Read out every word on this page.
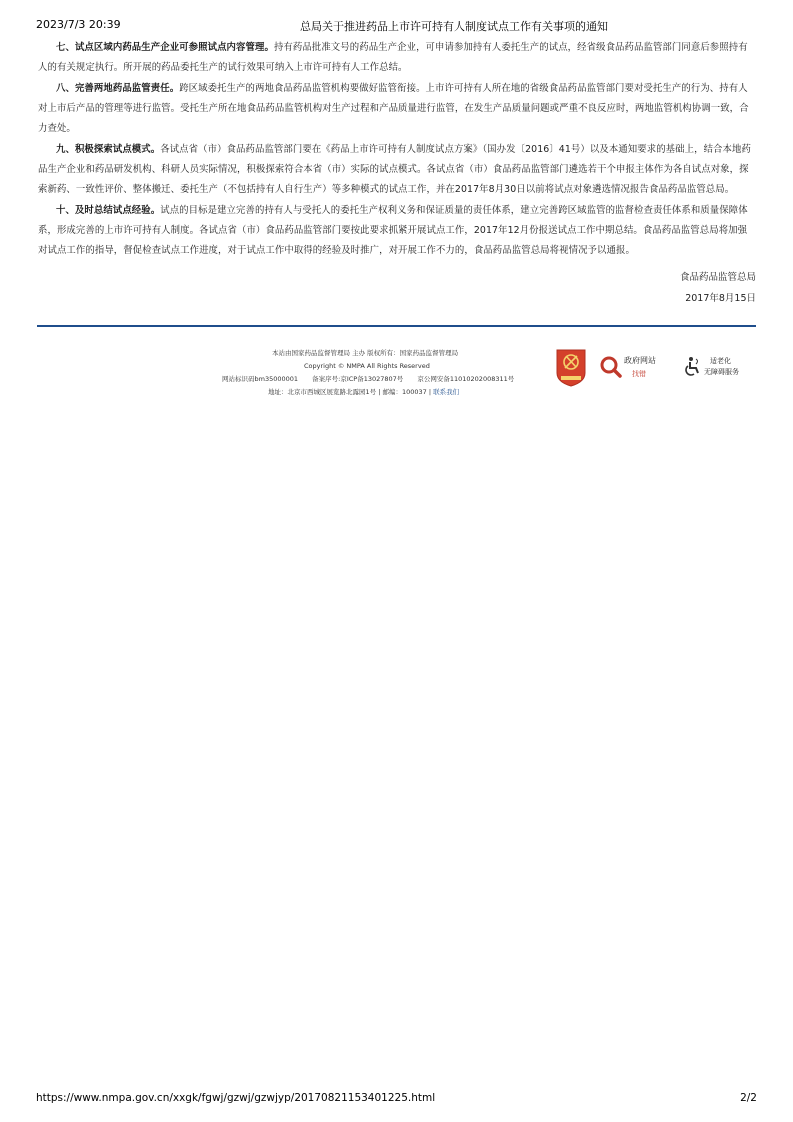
2023/7/3 20:39	总局关于推进药品上市许可持有人制度试点工作有关事项的通知

七、试点区域内药品生产企业可参照试点内容管理。持有药品批准文号的药品生产企业，可申请参加持有人委托生产的试点，经省级食品药品监管部门同意后参照持有人的有关规定执行。所开展的药品委托生产的试行效果可纳入上市许可持有人工作总结。

八、完善两地药品监管责任。跨区域委托生产的两地食品药品监管机构要做好监管衔接。上市许可持有人所在地的省级食品药品监管部门要对受托生产的行为、持有人对上市后产品的管理等进行监管。受托生产所在地食品药品监管机构对生产过程和产品质量进行监管，在发生产品质量问题或严重不良反应时，两地监管机构协调一致，合力查处。

九、积极探索试点模式。各试点省（市）食品药品监管部门要在《药品上市许可持有人制度试点方案》（国办发〔2016〕41号）以及本通知要求的基础上，结合本地药品生产企业和药品研发机构、科研人员实际情况，积极探索符合本省（市）实际的试点模式。各试点省（市）食品药品监管部门遴选若干个申报主体作为各自试点对象，探索新药、一致性评价、整体搬迁、委托生产（不包括持有人自行生产）等多种模式的试点工作，并在2017年8月30日以前将试点对象遴选情况报告食品药品监管总局。

十、及时总结试点经验。试点的目标是建立完善的持有人与受托人的委托生产权利义务和保证质量的责任体系，建立完善跨区域监管的监督检查责任体系和质量保障体系，形成完善的上市许可持有人制度。各试点省（市）食品药品监管部门要按此要求抓紧开展试点工作，2017年12月份报送试点工作中期总结。食品药品监管总局将加强对试点工作的指导，督促检查试点工作进度，对于试点工作中取得的经验及时推广，对开展工作不力的，食品药品监管总局将视情况予以通报。

食品药品监管总局
2017年8月15日
本站由国家药品监督管理局 主办 版权所有：国家药品监督管理局
Copyright © NMPA All Rights Reserved
网站标识码bm35000001 备案序号:京ICP备13027807号 京公网安备11010202008311号
地址：北京市西城区展览路北露园1号 | 邮编：100037 | 联系我们
政府网站
找错
适老化
无障碍服务
https://www.nmpa.gov.cn/xxgk/fgwj/gzwj/gzwjyp/20170821153401225.html	2/2
